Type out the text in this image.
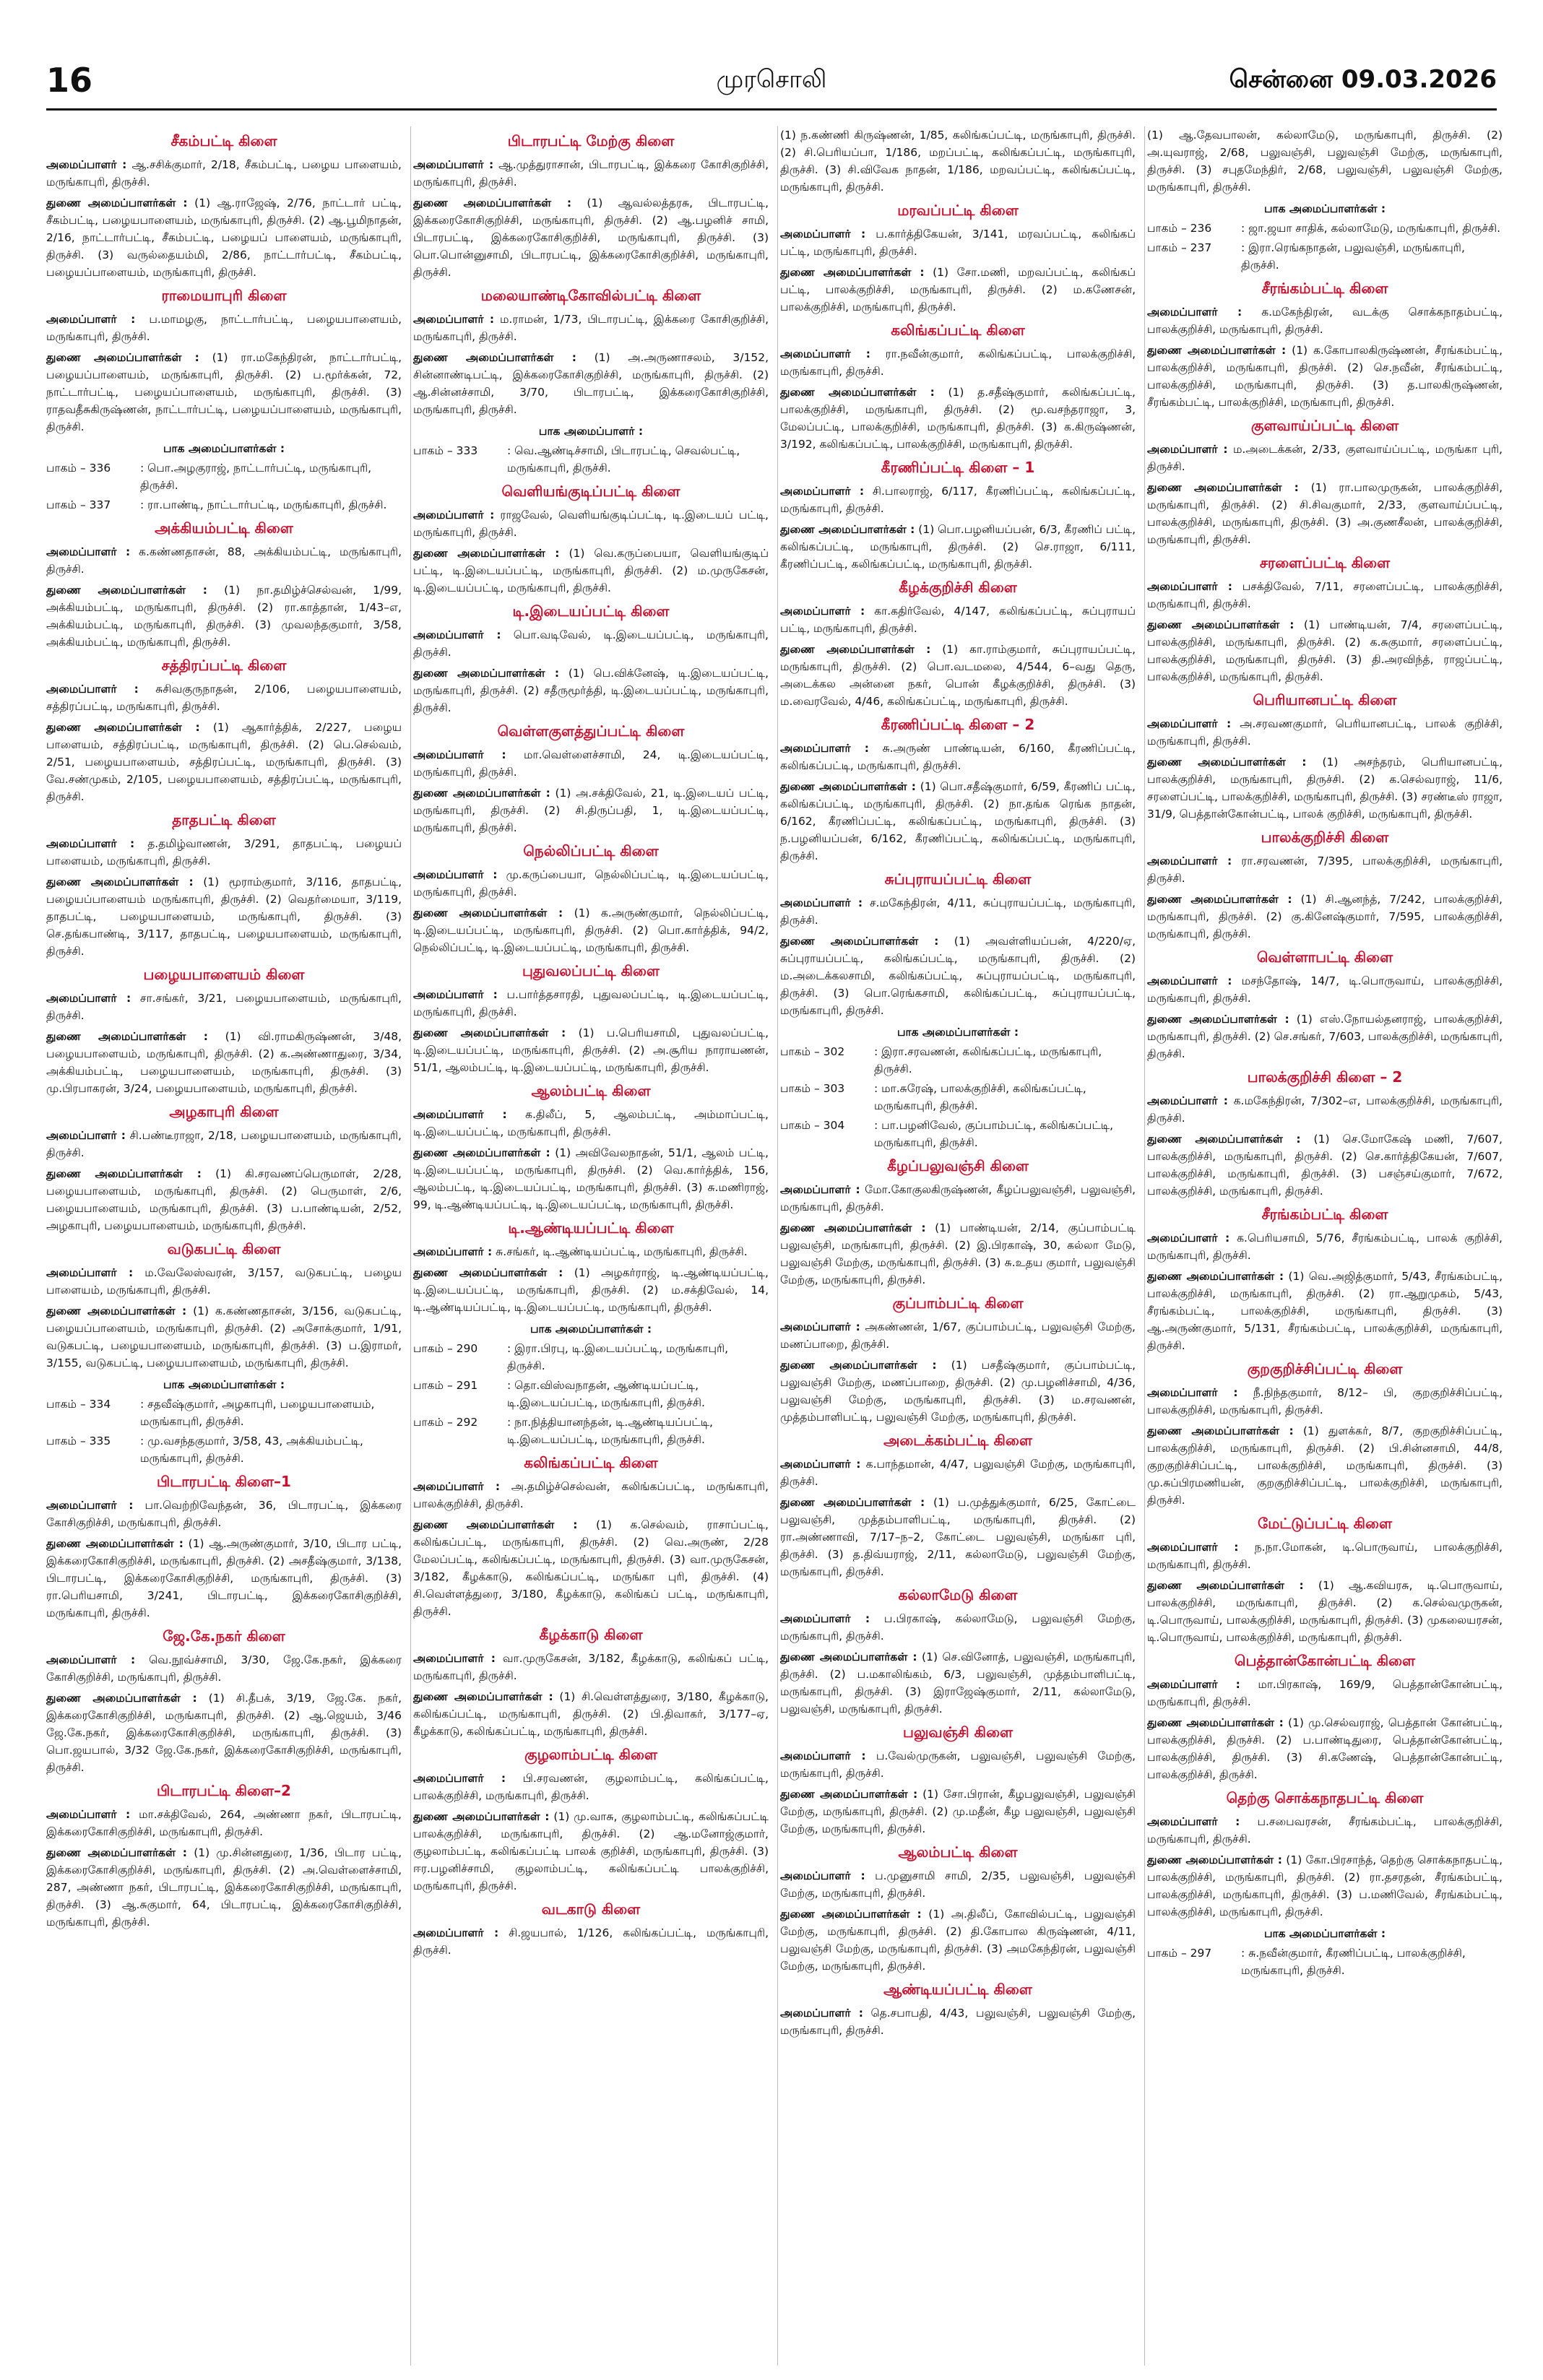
16	முரசொலி	சென்னை 09.03.2026
சீகம்பட்டி கிளை

அமைப்பாளர் : ஆ.சசிக்குமார், 2/18, சீகம்பட்டி, பழைய பாளையம், மருங்காபுரி, திருச்சி.

துணை அமைப்பாளர்கள் : (1) ஆ.ராஜேஷ், 2/76, நாட்டார் பட்டி, சீகம்பட்டி, பழையபாளையம், மருங்காபுரி, திருச்சி. (2) ஆ.பூமிநாதன், 2/16, நாட்டார்பட்டி, சீகம்பட்டி, பழையப் பாளையம், மருங்காபுரி, திருச்சி. (3) வருல்தையம்மி, 2/86, நாட்டார்பட்டி, சீகம்பட்டி, பழையப்பாளையம், மருங்காபுரி, திருச்சி.

ராமையாபுரி கிளை

அமைப்பாளர் : ப.மாமழகு, நாட்டார்பட்டி, பழையபாளையம், மருங்காபுரி, திருச்சி.

துணை அமைப்பாளர்கள் : (1) ரா.மகேந்திரன், நாட்டார்பட்டி, பழையப்பாளையம், மருங்காபுரி, திருச்சி. (2) ப.மூர்க்கன், 72, நாட்டார்பட்டி, பழையப்பாளையம், மருங்காபுரி, திருச்சி. (3) ராதவதீசுகிருஷ்ணன், நாட்டார்பட்டி, பழையப்பாளையம், மருங்காபுரி, திருச்சி.

பாக அமைப்பாளர்கள் :
பாகம் – 336	: பொ.அழகுராஜ், நாட்டார்பட்டி, மருங்காபுரி, திருச்சி.
பாகம் – 337	: ரா.பாண்டி, நாட்டார்பட்டி, மருங்காபுரி, திருச்சி.
அக்கியம்பட்டி கிளை

அமைப்பாளர் : க.கண்ணதாசன், 88, அக்கியம்பட்டி, மருங்காபுரி, திருச்சி.

துணை அமைப்பாளர்கள் : (1) நா.தமிழ்ச்செல்வன், 1/99, அக்கியம்பட்டி, மருங்காபுரி, திருச்சி. (2) ரா.காத்தான், 1/43–எ, அக்கியம்பட்டி, மருங்காபுரி, திருச்சி. (3) முவலந்தகுமார், 3/58, அக்கியம்பட்டி, மருங்காபுரி, திருச்சி.

சத்திரப்பட்டி கிளை

அமைப்பாளர் : சுசிவகுருநாதன், 2/106, பழையபாளையம், சத்திரப்பட்டி, மருங்காபுரி, திருச்சி.

துணை அமைப்பாளர்கள் : (1) ஆகார்த்திக், 2/227, பழைய பாளையம், சத்திரப்பட்டி, மருங்காபுரி, திருச்சி. (2) பெ.செல்வம், 2/51, பழையபாளையம், சத்திரப்பட்டி, மருங்காபுரி, திருச்சி. (3) வே.சண்முகம், 2/105, பழையபாளையம், சத்திரப்பட்டி, மருங்காபுரி, திருச்சி.

தாதபட்டி கிளை

அமைப்பாளர் : த.தமிழ்வாணன், 3/291, தாதபட்டி, பழையப் பாளையம், மருங்காபுரி, திருச்சி.

துணை அமைப்பாளர்கள் : (1) மூராம்குமார், 3/116, தாதபட்டி, பழையப்பாளையம் மருங்காபுரி, திருச்சி. (2) வெதர்மையா, 3/119, தாதபட்டி, பழையபாளையம், மருங்காபுரி, திருச்சி. (3) செ.தங்கபாண்டி, 3/117, தாதபட்டி, பழையபாளையம், மருங்காபுரி, திருச்சி.

பழையபாளையம் கிளை

அமைப்பாளர் : சா.சங்கர், 3/21, பழையபாளையம், மருங்காபுரி, திருச்சி.

துணை அமைப்பாளர்கள் : (1) வி.ராமகிருஷ்ணன், 3/48, பழையபாளையம், மருங்காபுரி, திருச்சி. (2) க.அண்ணாதுரை, 3/34, அக்கியம்பட்டி, பழையபாளையம், மருங்காபுரி, திருச்சி. (3) மு.பிரபாகரன், 3/24, பழையபாளையம், மருங்காபுரி, திருச்சி.

அழகாபுரி கிளை

அமைப்பாளர் : சி.பண்டீராஜா, 2/18, பழையபாளையம், மருங்காபுரி, திருச்சி.

துணை அமைப்பாளர்கள் : (1) கி.சரவணப்பெருமாள், 2/28, பழையபாளையம், மருங்காபுரி, திருச்சி. (2) பெருமாள், 2/6, பழையபாளையம், மருங்காபுரி, திருச்சி. (3) ப.பாண்டியன், 2/52, அழகாபுரி, பழையபாளையம், மருங்காபுரி, திருச்சி.

வடுகபட்டி கிளை

அமைப்பாளர் : ம.வேலேஸ்வரன், 3/157, வடுகபட்டி, பழைய பாளையம், மருங்காபுரி, திருச்சி.

துணை அமைப்பாளர்கள் : (1) க.கண்ணதாசன், 3/156, வடுகபட்டி, பழையப்பாளையம், மருங்காபுரி, திருச்சி. (2) அசோக்குமார், 1/91, வடுகபட்டி, பழையபாளையம், மருங்காபுரி, திருச்சி. (3) ப.இராமர், 3/155, வடுகபட்டி, பழையபாளையம், மருங்காபுரி, திருச்சி.

பாக அமைப்பாளர்கள் :
பாகம் – 334	: சதவீஷ்குமார், அழகாபுரி, பழையபாளையம், மருங்காபுரி, திருச்சி.
பாகம் – 335	: மு.வசந்தகுமார், 3/58, 43, அக்கியம்பட்டி, மருங்காபுரி, திருச்சி.
பிடாரபட்டி கிளை–1

அமைப்பாளர் : பா.வெற்றிவேந்தன், 36, பிடாரபட்டி, இக்கரை கோசிகுறிச்சி, மருங்காபுரி, திருச்சி.

துணை அமைப்பாளர்கள் : (1) ஆ.அருண்குமார், 3/10, பிடார பட்டி, இக்கரைகோசிகுறிச்சி, மருங்காபுரி, திருச்சி. (2) அசதீஷ்குமார், 3/138, பிடாரபட்டி, இக்கரைகோசிகுறிச்சி, மருங்காபுரி, திருச்சி. (3) ரா.பெரியசாமி, 3/241, பிடாரபட்டி, இக்கரைகோசிகுறிச்சி, மருங்காபுரி, திருச்சி.

ஜே.கே.நகர் கிளை

அமைப்பாளர் : வெ.நூவ்ச்சாமி, 3/30, ஜே.கே.நகர், இக்கரை கோசிகுறிச்சி, மருங்காபுரி, திருச்சி.

துணை அமைப்பாளர்கள் : (1) சி.தீபக், 3/19, ஜே.கே. நகர், இக்கரைகோசிகுறிச்சி, மருங்காபுரி, திருச்சி. (2) ஆ.ஜெயம், 3/46 ஜே.கே.நகர், இக்கரைகோசிகுறிச்சி, மருங்காபுரி, திருச்சி. (3) பொ.ஜயபால், 3/32 ஜே.கே.நகர், இக்கரைகோசிகுறிச்சி, மருங்காபுரி, திருச்சி.

பிடாரபட்டி கிளை–2

அமைப்பாளர் : மா.சக்திவேல், 264, அண்ணா நகர், பிடாரபட்டி, இக்கரைகோசிகுறிச்சி, மருங்காபுரி, திருச்சி.

துணை அமைப்பாளர்கள் : (1) மு.சின்னதுரை, 1/36, பிடார பட்டி, இக்கரைகோசிகுறிச்சி, மருங்காபுரி, திருச்சி. (2) அ.வெள்ளைச்சாமி, 287, அண்ணா நகர், பிடாரபட்டி, இக்கரைகோசிகுறிச்சி, மருங்காபுரி, திருச்சி. (3) ஆ.சுகுமார், 64, பிடாரபட்டி, இக்கரைகோசிகுறிச்சி, மருங்காபுரி, திருச்சி.

பிடாரபட்டி மேற்கு கிளை

அமைப்பாளர் : ஆ.முத்துராசான், பிடாரபட்டி, இக்கரை கோசிகுறிச்சி, மருங்காபுரி, திருச்சி.

துணை அமைப்பாளர்கள் : (1) ஆவல்லத்தரசு, பிடாரபட்டி, இக்கரைகோசிகுறிச்சி, மருங்காபுரி, திருச்சி. (2) ஆ.பழனிச் சாமி, பிடாரபட்டி, இக்கரைகோசிகுறிச்சி, மருங்காபுரி, திருச்சி. (3) பொ.பொன்னுசாமி, பிடாரபட்டி, இக்கரைகோசிகுறிச்சி, மருங்காபுரி, திருச்சி.

மலையாண்டிகோவில்பட்டி கிளை

அமைப்பாளர் : ம.ராமன், 1/73, பிடாரபட்டி, இக்கரை கோசிகுறிச்சி, மருங்காபுரி, திருச்சி.

துணை அமைப்பாளர்கள் : (1) அ.அருணாசலம், 3/152, சின்னாண்டிபட்டி, இக்கரைகோசிகுறிச்சி, மருங்காபுரி, திருச்சி. (2) ஆ.சின்னச்சாமி, 3/70, பிடாரபட்டி, இக்கரைகோசிகுறிச்சி, மருங்காபுரி, திருச்சி.

பாக அமைப்பாளர் :
பாகம் – 333	: வெ.ஆண்டிச்சாமி, பிடாரபட்டி, செவல்பட்டி, மருங்காபுரி, திருச்சி.
வெளியங்குடிப்பட்டி கிளை

அமைப்பாளர் : ராஜவேல், வெளியங்குடிப்பட்டி, டி.இடையப் பட்டி, மருங்காபுரி, திருச்சி.

துணை அமைப்பாளர்கள் : (1) வெ.கருப்பையா, வெளியங்குடிப் பட்டி, டி.இடையப்பட்டி, மருங்காபுரி, திருச்சி. (2) ம.முருகேசன், டி.இடையப்பட்டி, மருங்காபுரி, திருச்சி.

டி.இடையப்பட்டி கிளை

அமைப்பாளர் : பொ.வடிவேல், டி.இடையப்பட்டி, மருங்காபுரி, திருச்சி.

துணை அமைப்பாளர்கள் : (1) பெ.விக்னேஷ், டி.இடையப்பட்டி, மருங்காபுரி, திருச்சி. (2) சதீருமூர்த்தி, டி.இடையப்பட்டி, மருங்காபுரி, திருச்சி.

வெள்ளகுளத்துப்பட்டி கிளை

அமைப்பாளர் : மா.வெள்ளைச்சாமி, 24, டி.இடையப்பட்டி, மருங்காபுரி, திருச்சி.

துணை அமைப்பாளர்கள் : (1) அ.சக்திவேல், 21, டி.இடையப் பட்டி, மருங்காபுரி, திருச்சி. (2) சி.திருப்பதி, 1, டி.இடையப்பட்டி, மருங்காபுரி, திருச்சி.

நெல்லிப்பட்டி கிளை

அமைப்பாளர் : மு.கருப்பையா, நெல்லிப்பட்டி, டி.இடையப்பட்டி, மருங்காபுரி, திருச்சி.

துணை அமைப்பாளர்கள் : (1) க.அருண்குமார், நெல்லிப்பட்டி, டி.இடையப்பட்டி, மருங்காபுரி, திருச்சி. (2) பொ.கார்த்திக், 94/2, நெல்லிப்பட்டி, டி.இடையப்பட்டி, மருங்காபுரி, திருச்சி.

புதுவலப்பட்டி கிளை

அமைப்பாளர் : ப.பார்த்தசாரதி, புதுவலப்பட்டி, டி.இடையப்பட்டி, மருங்காபுரி, திருச்சி.

துணை அமைப்பாளர்கள் : (1) ப.பெரியசாமி, புதுவலப்பட்டி, டி.இடையப்பட்டி, மருங்காபுரி, திருச்சி. (2) அ.சூரிய நாராயணன், 51/1, ஆலம்பட்டி, டி.இடையப்பட்டி, மருங்காபுரி, திருச்சி.

ஆலம்பட்டி கிளை

அமைப்பாளர் : க.திலீப், 5, ஆலம்பட்டி, அம்மாப்பட்டி, டி.இடையப்பட்டி, மருங்காபுரி, திருச்சி.

துணை அமைப்பாளர்கள் : (1) அவிவேலநாதன், 51/1, ஆலம் பட்டி, டி.இடையப்பட்டி, மருங்காபுரி, திருச்சி. (2) வெ.கார்த்திக், 156, ஆலம்பட்டி, டி.இடையப்பட்டி, மருங்காபுரி, திருச்சி. (3) சு.மணிராஜ், 99, டி.ஆண்டியப்பட்டி, டி.இடையப்பட்டி, மருங்காபுரி, திருச்சி.

டி.ஆண்டியப்பட்டி கிளை

அமைப்பாளர் : சு.சங்கர், டி.ஆண்டியப்பட்டி, மருங்காபுரி, திருச்சி.

துணை அமைப்பாளர்கள் : (1) அழகர்ராஜ், டி.ஆண்டியப்பட்டி, டி.இடையப்பட்டி, மருங்காபுரி, திருச்சி. (2) ம.சக்திவேல், 14, டி.ஆண்டியப்பட்டி, டி.இடையப்பட்டி, மருங்காபுரி, திருச்சி.

பாக அமைப்பாளர்கள் :
பாகம் – 290	: இரா.பிரபு, டி.இடையப்பட்டி, மருங்காபுரி, திருச்சி.
பாகம் – 291	: தொ.விஸ்வநாதன், ஆண்டியப்பட்டி, டி.இடையப்பட்டி, மருங்காபுரி, திருச்சி.
பாகம் – 292	: நா.நித்தியானந்தன், டி.ஆண்டியப்பட்டி, டி.இடையப்பட்டி, மருங்காபுரி, திருச்சி.
கலிங்கப்பட்டி கிளை

அமைப்பாளர் : அ.தமிழ்ச்செல்வன், கலிங்கப்பட்டி, மருங்காபுரி, பாலக்குறிச்சி, திருச்சி.

துணை அமைப்பாளர்கள் : (1) க.செல்வம், ராசாப்பட்டி, கலிங்கப்பட்டி, மருங்காபுரி, திருச்சி. (2) வெ.அருண், 2/28 மேலப்பட்டி, கலிங்கப்பட்டி, மருங்காபுரி, திருச்சி. (3) வா.முருகேசன், 3/182, கீழக்காடு, கலிங்கப்பட்டி, மருங்கா புரி, திருச்சி. (4) சி.வெள்ளத்துரை, 3/180, கீழக்காடு, கலிங்கப் பட்டி, மருங்காபுரி, திருச்சி.

கீழக்காடு கிளை

அமைப்பாளர் : வா.முருகேசன், 3/182, கீழக்காடு, கலிங்கப் பட்டி, மருங்காபுரி, திருச்சி.

துணை அமைப்பாளர்கள் : (1) சி.வெள்ளத்துரை, 3/180, கீழக்காடு, கலிங்கப்பட்டி, மருங்காபுரி, திருச்சி. (2) பி.திவாகர், 3/177–ஏ, கீழக்காடு, கலிங்கப்பட்டி, மருங்காபுரி, திருச்சி.

குழலாம்பட்டி கிளை

அமைப்பாளர் : பி.சரவணன், குழலாம்பட்டி, கலிங்கப்பட்டி, பாலக்குறிச்சி, மருங்காபுரி, திருச்சி.

துணை அமைப்பாளர்கள் : (1) மு.வாசு, குழலாம்பட்டி, கலிங்கப்பட்டி பாலக்குறிச்சி, மருங்காபுரி, திருச்சி. (2) ஆ.மனோஜ்குமார், குழலாம்பட்டி, கலிங்கப்பட்டி பாலக் குறிச்சி, மருங்காபுரி, திருச்சி. (3) ஈர.பழனிச்சாமி, குழலாம்பட்டி, கலிங்கப்பட்டி பாலக்குறிச்சி, மருங்காபுரி, திருச்சி.

வடகாடு கிளை

அமைப்பாளர் : சி.ஜயபால், 1/126, கலிங்கப்பட்டி, மருங்காபுரி, திருச்சி.

(1) ந.கண்ணி கிருஷ்ணன், 1/85, கலிங்கப்பட்டி, மருங்காபுரி, திருச்சி. (2) சி.பெரியப்பா, 1/186, மறப்பட்டி, கலிங்கப்பட்டி, மருங்காபுரி, திருச்சி. (3) சி.விவேக நாதன், 1/186, மறவப்பட்டி, கலிங்கப்பட்டி, மருங்காபுரி, திருச்சி.

மரவப்பட்டி கிளை

அமைப்பாளர் : ப.கார்த்திகேயன், 3/141, மரவப்பட்டி, கலிங்கப் பட்டி, மருங்காபுரி, திருச்சி.

துணை அமைப்பாளர்கள் : (1) சோ.மணி, மறவப்பட்டி, கலிங்கப் பட்டி, பாலக்குறிச்சி, மருங்காபுரி, திருச்சி. (2) ம.கணேசன், பாலக்குறிச்சி, மருங்காபுரி, திருச்சி.

கலிங்கப்பட்டி கிளை

அமைப்பாளர் : ரா.நவீன்குமார், கலிங்கப்பட்டி, பாலக்குறிச்சி, மருங்காபுரி, திருச்சி.

துணை அமைப்பாளர்கள் : (1) த.சதீஷ்குமார், கலிங்கப்பட்டி, பாலக்குறிச்சி, மருங்காபுரி, திருச்சி. (2) மூ.வசந்தராஜா, 3, மேலப்பட்டி, பாலக்குறிச்சி, மருங்காபுரி, திருச்சி. (3) க.கிருஷ்ணன், 3/192, கலிங்கப்பட்டி, பாலக்குறிச்சி, மருங்காபுரி, திருச்சி.

கீரணிப்பட்டி கிளை – 1

அமைப்பாளர் : சி.பாலராஜ், 6/117, கீரணிப்பட்டி, கலிங்கப்பட்டி, மருங்காபுரி, திருச்சி.

துணை அமைப்பாளர்கள் : (1) பொ.பழனியப்பன், 6/3, கீரணிப் பட்டி, கலிங்கப்பட்டி, மருங்காபுரி, திருச்சி. (2) செ.ராஜா, 6/111, கீரணிப்பட்டி, கலிங்கப்பட்டி, மருங்காபுரி, திருச்சி.

கீழக்குறிச்சி கிளை

அமைப்பாளர் : கா.கதிர்வேல், 4/147, கலிங்கப்பட்டி, சுப்புராயப் பட்டி, மருங்காபுரி, திருச்சி.

துணை அமைப்பாளர்கள் : (1) கா.ராம்குமார், சுப்புராயப்பட்டி, மருங்காபுரி, திருச்சி. (2) பொ.வடமலை, 4/544, 6–வது தெரு, அடைக்கல அன்னை நகர், பொன் கீழக்குறிச்சி, திருச்சி. (3) ம.வைரவேல், 4/46, கலிங்கப்பட்டி, மருங்காபுரி, திருச்சி.

கீரணிப்பட்டி கிளை – 2

அமைப்பாளர் : சு.அருண் பாண்டியன், 6/160, கீரணிப்பட்டி, கலிங்கப்பட்டி, மருங்காபுரி, திருச்சி.

துணை அமைப்பாளர்கள் : (1) பொ.சதீஷ்குமார், 6/59, கீரணிப் பட்டி, கலிங்கப்பட்டி, மருங்காபுரி, திருச்சி. (2) நா.தங்க ரெங்க நாதன், 6/162, கீரணிப்பட்டி, கலிங்கப்பட்டி, மருங்காபுரி, திருச்சி. (3) ந.பழனியப்பன், 6/162, கீரணிப்பட்டி, கலிங்கப்பட்டி, மருங்காபுரி, திருச்சி.

சுப்புராயப்பட்டி கிளை

அமைப்பாளர் : ச.மகேந்திரன், 4/11, சுப்புராயப்பட்டி, மருங்காபுரி, திருச்சி.

துணை அமைப்பாளர்கள் : (1) அவள்ளியப்பன், 4/220/ஏ, சுப்புராயப்பட்டி, கலிங்கப்பட்டி, மருங்காபுரி, திருச்சி. (2) ம.அடைக்கலசாமி, கலிங்கப்பட்டி, சுப்புராயப்பட்டி, மருங்காபுரி, திருச்சி. (3) பொ.ரெங்கசாமி, கலிங்கப்பட்டி, சுப்புராயப்பட்டி, மருங்காபுரி, திருச்சி.

பாக அமைப்பாளர்கள் :
பாகம் – 302	: இரா.சரவணன், கலிங்கப்பட்டி, மருங்காபுரி, திருச்சி.
பாகம் – 303	: மா.சுரேஷ், பாலக்குறிச்சி, கலிங்கப்பட்டி, மருங்காபுரி, திருச்சி.
பாகம் – 304	: பா.பழனிவேல், குப்பாம்பட்டி, கலிங்கப்பட்டி, மருங்காபுரி, திருச்சி.
கீழப்பலுவஞ்சி கிளை

அமைப்பாளர் : மோ.கோகுலகிருஷ்ணன், கீழப்பலுவஞ்சி, பலுவஞ்சி, மருங்காபுரி, திருச்சி.

துணை அமைப்பாளர்கள் : (1) பாண்டியன், 2/14, குப்பாம்பட்டி பலுவஞ்சி, மருங்காபுரி, திருச்சி. (2) இ.பிரகாஷ், 30, கல்லா மேடு, பலுவஞ்சி மேற்கு, மருங்காபுரி, திருச்சி. (3) சு.உதய குமார், பலுவஞ்சி மேற்கு, மருங்காபுரி, திருச்சி.

குப்பாம்பட்டி கிளை

அமைப்பாளர் : அகண்ணன், 1/67, குப்பாம்பட்டி, பலுவஞ்சி மேற்கு, மணப்பாறை, திருச்சி.

துணை அமைப்பாளர்கள் : (1) பசதீஷ்குமார், குப்பாம்பட்டி, பலுவஞ்சி மேற்கு, மணப்பாறை, திருச்சி. (2) மு.பழனிச்சாமி, 4/36, பலுவஞ்சி மேற்கு, மருங்காபுரி, திருச்சி. (3) ம.சரவணன், முத்தம்பாளிபட்டி, பலுவஞ்சி மேற்கு, மருங்காபுரி, திருச்சி.

அடைக்கம்பட்டி கிளை

அமைப்பாளர் : க.பாந்தமான், 4/47, பலுவஞ்சி மேற்கு, மருங்காபுரி, திருச்சி.

துணை அமைப்பாளர்கள் : (1) ப.முத்துக்குமார், 6/25, கோட்டை பலுவஞ்சி, முத்தம்பாளிபட்டி, மருங்காபுரி, திருச்சி. (2) ரா.அண்ணாவி, 7/17–ந–2, கோட்டை பலுவஞ்சி, மருங்கா புரி, திருச்சி. (3) த.திவ்யராஜ், 2/11, கல்லாமேடு, பலுவஞ்சி மேற்கு, மருங்காபுரி, திருச்சி.

கல்லாமேடு கிளை

அமைப்பாளர் : ப.பிரகாஷ், கல்லாமேடு, பலுவஞ்சி மேற்கு, மருங்காபுரி, திருச்சி.

துணை அமைப்பாளர்கள் : (1) செ.வினோத், பலுவஞ்சி, மருங்காபுரி, திருச்சி. (2) ப.மகாலிங்கம், 6/3, பலுவஞ்சி, முத்தம்பாளிபட்டி, மருங்காபுரி, திருச்சி. (3) இராஜேஷ்குமார், 2/11, கல்லாமேடு, பலுவஞ்சி, மருங்காபுரி, திருச்சி.

பலுவஞ்சி கிளை

அமைப்பாளர் : ப.வேல்முருகன், பலுவஞ்சி, பலுவஞ்சி மேற்கு, மருங்காபுரி, திருச்சி.

துணை அமைப்பாளர்கள் : (1) சோ.பிரான், கீழபலுவஞ்சி, பலுவஞ்சி மேற்கு, மருங்காபுரி, திருச்சி. (2) மு.மதீன், கீழ பலுவஞ்சி, பலுவஞ்சி மேற்கு, மருங்காபுரி, திருச்சி.

ஆலம்பட்டி கிளை

அமைப்பாளர் : ப.முனுசாமி சாமி, 2/35, பலுவஞ்சி, பலுவஞ்சி மேற்கு, மருங்காபுரி, திருச்சி.

துணை அமைப்பாளர்கள் : (1) அ.திலீப், கோவில்பட்டி, பலுவஞ்சி மேற்கு, மருங்காபுரி, திருச்சி. (2) தி.கோபால கிருஷ்ணன், 4/11, பலுவஞ்சி மேற்கு, மருங்காபுரி, திருச்சி. (3) அமகேந்திரன், பலுவஞ்சி மேற்கு, மருங்காபுரி, திருச்சி.

ஆண்டியப்பட்டி கிளை

அமைப்பாளர் : தெ.சபாபதி, 4/43, பலுவஞ்சி, பலுவஞ்சி மேற்கு, மருங்காபுரி, திருச்சி.

(1) ஆ.தேவபாலன், கல்லாமேடு, மருங்காபுரி, திருச்சி. (2) அ.யுவராஜ், 2/68, பலுவஞ்சி, பலுவஞ்சி மேற்கு, மருங்காபுரி, திருச்சி. (3) சபுதமேந்திர், 2/68, பலுவஞ்சி, பலுவஞ்சி மேற்கு, மருங்காபுரி, திருச்சி.

பாக அமைப்பாளர்கள் :
பாகம் – 236	: ஜா.ஜயா சாதிக், கல்லாமேடு, மருங்காபுரி, திருச்சி.
பாகம் – 237	: இரா.ரெங்கநாதன், பலுவஞ்சி, மருங்காபுரி, திருச்சி.
சீரங்கம்பட்டி கிளை

அமைப்பாளர் : க.மகேந்திரன், வடக்கு சொக்கநாதம்பட்டி, பாலக்குறிச்சி, மருங்காபுரி, திருச்சி.

துணை அமைப்பாளர்கள் : (1) க.கோபாலகிருஷ்ணன், சீரங்கம்பட்டி, பாலக்குறிச்சி, மருங்காபுரி, திருச்சி. (2) செ.நவீன், சீரங்கம்பட்டி, பாலக்குறிச்சி, மருங்காபுரி, திருச்சி. (3) த.பாலகிருஷ்ணன், சீரங்கம்பட்டி, பாலக்குறிச்சி, மருங்காபுரி, திருச்சி.

குளவாய்ப்பட்டி கிளை

அமைப்பாளர் : ம.அடைக்கன், 2/33, குளவாய்ப்பட்டி, மருங்கா புரி, திருச்சி.

துணை அமைப்பாளர்கள் : (1) ரா.பாலமுருகன், பாலக்குறிச்சி, மருங்காபுரி, திருச்சி. (2) சி.சிவகுமார், 2/33, குளவாய்ப்பட்டி, பாலக்குறிச்சி, மருங்காபுரி, திருச்சி. (3) அ.குணசீலன், பாலக்குறிச்சி, மருங்காபுரி, திருச்சி.

சரளைப்பட்டி கிளை

அமைப்பாளர் : பசக்திவேல், 7/11, சரளைப்பட்டி, பாலக்குறிச்சி, மருங்காபுரி, திருச்சி.

துணை அமைப்பாளர்கள் : (1) பாண்டியன், 7/4, சரளைப்பட்டி, பாலக்குறிச்சி, மருங்காபுரி, திருச்சி. (2) க.சுகுமார், சரளைப்பட்டி, பாலக்குறிச்சி, மருங்காபுரி, திருச்சி. (3) தி.அரவிந்த், ராஜப்பட்டி, பாலக்குறிச்சி, மருங்காபுரி, திருச்சி.

பெரியானபட்டி கிளை

அமைப்பாளர் : அ.சரவணகுமார், பெரியானபட்டி, பாலக் குறிச்சி, மருங்காபுரி, திருச்சி.

துணை அமைப்பாளர்கள் : (1) அசந்தரம், பெரியானபட்டி, பாலக்குறிச்சி, மருங்காபுரி, திருச்சி. (2) க.செல்வராஜ், 11/6, சரளைப்பட்டி, பாலக்குறிச்சி, மருங்காபுரி, திருச்சி. (3) சரண்டீஸ் ராஜா, 31/9, பெத்தான்கோன்பட்டி, பாலக் குறிச்சி, மருங்காபுரி, திருச்சி.

பாலக்குறிச்சி கிளை

அமைப்பாளர் : ரா.சரவணன், 7/395, பாலக்குறிச்சி, மருங்காபுரி, திருச்சி.

துணை அமைப்பாளர்கள் : (1) சி.ஆனந்த், 7/242, பாலக்குறிச்சி, மருங்காபுரி, திருச்சி. (2) கு.கினேஷ்குமார், 7/595, பாலக்குறிச்சி, மருங்காபுரி, திருச்சி.

வெள்ளாபட்டி கிளை

அமைப்பாளர் : மசந்தோஷ், 14/7, டி.பொருவாய், பாலக்குறிச்சி, மருங்காபுரி, திருச்சி.

துணை அமைப்பாளர்கள் : (1) எஸ்.நோயல்தனராஜ், பாலக்குறிச்சி, மருங்காபுரி, திருச்சி. (2) செ.சங்கர், 7/603, பாலக்குறிச்சி, மருங்காபுரி, திருச்சி.

பாலக்குறிச்சி கிளை – 2

அமைப்பாளர் : க.மகேந்திரன், 7/302–எ, பாலக்குறிச்சி, மருங்காபுரி, திருச்சி.

துணை அமைப்பாளர்கள் : (1) செ.மோகேஷ் மணி, 7/607, பாலக்குறிச்சி, மருங்காபுரி, திருச்சி. (2) செ.கார்த்திகேயன், 7/607, பாலக்குறிச்சி, மருங்காபுரி, திருச்சி. (3) பசஞ்சய்குமார், 7/672, பாலக்குறிச்சி, மருங்காபுரி, திருச்சி.

சீரங்கம்பட்டி கிளை

அமைப்பாளர் : க.பெரியசாமி, 5/76, சீரங்கம்பட்டி, பாலக் குறிச்சி, மருங்காபுரி, திருச்சி.

துணை அமைப்பாளர்கள் : (1) வெ.அஜித்குமார், 5/43, சீரங்கம்பட்டி, பாலக்குறிச்சி, மருங்காபுரி, திருச்சி. (2) ரா.ஆறுமுகம், 5/43, சீரங்கம்பட்டி, பாலக்குறிச்சி, மருங்காபுரி, திருச்சி. (3) ஆ.அருண்குமார், 5/131, சீரங்கம்பட்டி, பாலக்குறிச்சி, மருங்காபுரி, திருச்சி.

குறகுறிச்சிப்பட்டி கிளை

அமைப்பாளர் : நீ.நிந்தகுமார், 8/12– பி, குறகுறிச்சிப்பட்டி, பாலக்குறிச்சி, மருங்காபுரி, திருச்சி.

துணை அமைப்பாளர்கள் : (1) துளக்கர், 8/7, குறகுறிச்சிப்பட்டி, பாலக்குறிச்சி, மருங்காபுரி, திருச்சி. (2) பி.சின்னசாமி, 44/8, குறகுறிச்சிப்பட்டி, பாலக்குறிச்சி, மருங்காபுரி, திருச்சி. (3) மு.சுப்பிரமணியன், குறகுறிச்சிப்பட்டி, பாலக்குறிச்சி, மருங்காபுரி, திருச்சி.

மேட்டுப்பட்டி கிளை

அமைப்பாளர் : ந.நா.மோகன், டி.பொருவாய், பாலக்குறிச்சி, மருங்காபுரி, திருச்சி.

துணை அமைப்பாளர்கள் : (1) ஆ.கவியரசு, டி.பொருவாய், பாலக்குறிச்சி, மருங்காபுரி, திருச்சி. (2) க.செல்வமுருகன், டி.பொருவாய், பாலக்குறிச்சி, மருங்காபுரி, திருச்சி. (3) முகலையரசன், டி.பொருவாய், பாலக்குறிச்சி, மருங்காபுரி, திருச்சி.

பெத்தான்கோன்பட்டி கிளை

அமைப்பாளர் : மா.பிரகாஷ், 169/9, பெத்தான்கோன்பட்டி, மருங்காபுரி, திருச்சி.

துணை அமைப்பாளர்கள் : (1) மு.செல்வராஜ், பெத்தான் கோன்பட்டி, பாலக்குறிச்சி, திருச்சி. (2) ப.பாண்டிதுரை, பெத்தான்கோன்பட்டி, பாலக்குறிச்சி, திருச்சி. (3) சி.கணேஷ், பெத்தான்கோன்பட்டி, பாலக்குறிச்சி, திருச்சி.

தெற்கு சொக்கநாதபட்டி கிளை

அமைப்பாளர் : ப.சபைவரசன், சீரங்கம்பட்டி, பாலக்குறிச்சி, மருங்காபுரி, திருச்சி.

துணை அமைப்பாளர்கள் : (1) கோ.பிரசாந்த், தெற்கு சொக்கநாதபட்டி, பாலக்குறிச்சி, மருங்காபுரி, திருச்சி. (2) ரா.தசரதன், சீரங்கம்பட்டி, பாலக்குறிச்சி, மருங்காபுரி, திருச்சி. (3) ப.மணிவேல், சீரங்கம்பட்டி, பாலக்குறிச்சி, மருங்காபுரி, திருச்சி.

பாக அமைப்பாளர்கள் :
பாகம் – 297	: சு.நவீன்குமார், கீரணிப்பட்டி, பாலக்குறிச்சி, மருங்காபுரி, திருச்சி.
